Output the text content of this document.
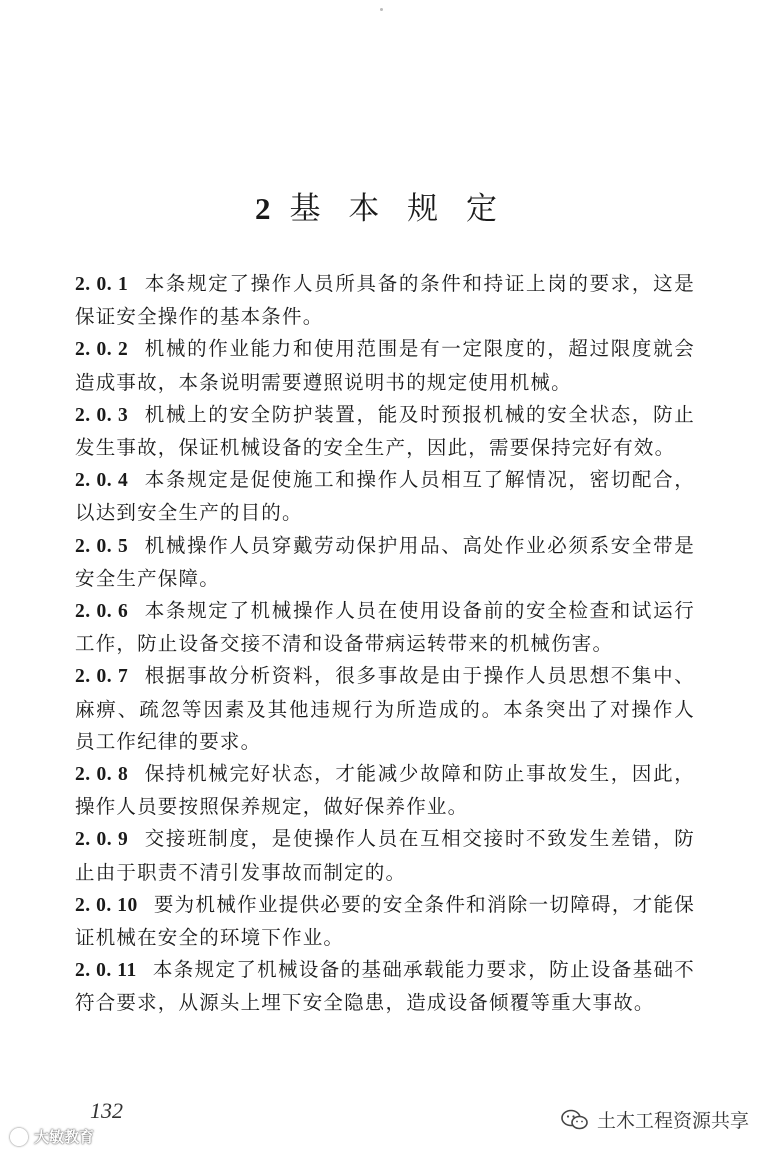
2 基 本 规 定

2. 0. 1 本条规定了操作人员所具备的条件和持证上岗的要求，这是保证安全操作的基本条件。

2. 0. 2 机械的作业能力和使用范围是有一定限度的，超过限度就会造成事故，本条说明需要遵照说明书的规定使用机械。

2. 0. 3 机械上的安全防护装置，能及时预报机械的安全状态，防止发生事故，保证机械设备的安全生产，因此，需要保持完好有效。

2. 0. 4 本条规定是促使施工和操作人员相互了解情况，密切配合，以达到安全生产的目的。

2. 0. 5 机械操作人员穿戴劳动保护用品、高处作业必须系安全带是安全生产保障。

2. 0. 6 本条规定了机械操作人员在使用设备前的安全检查和试运行工作，防止设备交接不清和设备带病运转带来的机械伤害。

2. 0. 7 根据事故分析资料，很多事故是由于操作人员思想不集中、麻痹、疏忽等因素及其他违规行为所造成的。本条突出了对操作人员工作纪律的要求。

2. 0. 8 保持机械完好状态，才能减少故障和防止事故发生，因此，操作人员要按照保养规定，做好保养作业。

2. 0. 9 交接班制度，是使操作人员在互相交接时不致发生差错，防止由于职责不清引发事故而制定的。

2. 0. 10 要为机械作业提供必要的安全条件和消除一切障碍，才能保证机械在安全的环境下作业。

2. 0. 11 本条规定了机械设备的基础承载能力要求，防止设备基础不符合要求，从源头上埋下安全隐患，造成设备倾覆等重大事故。

132
大敏教育
土木工程资源共享
